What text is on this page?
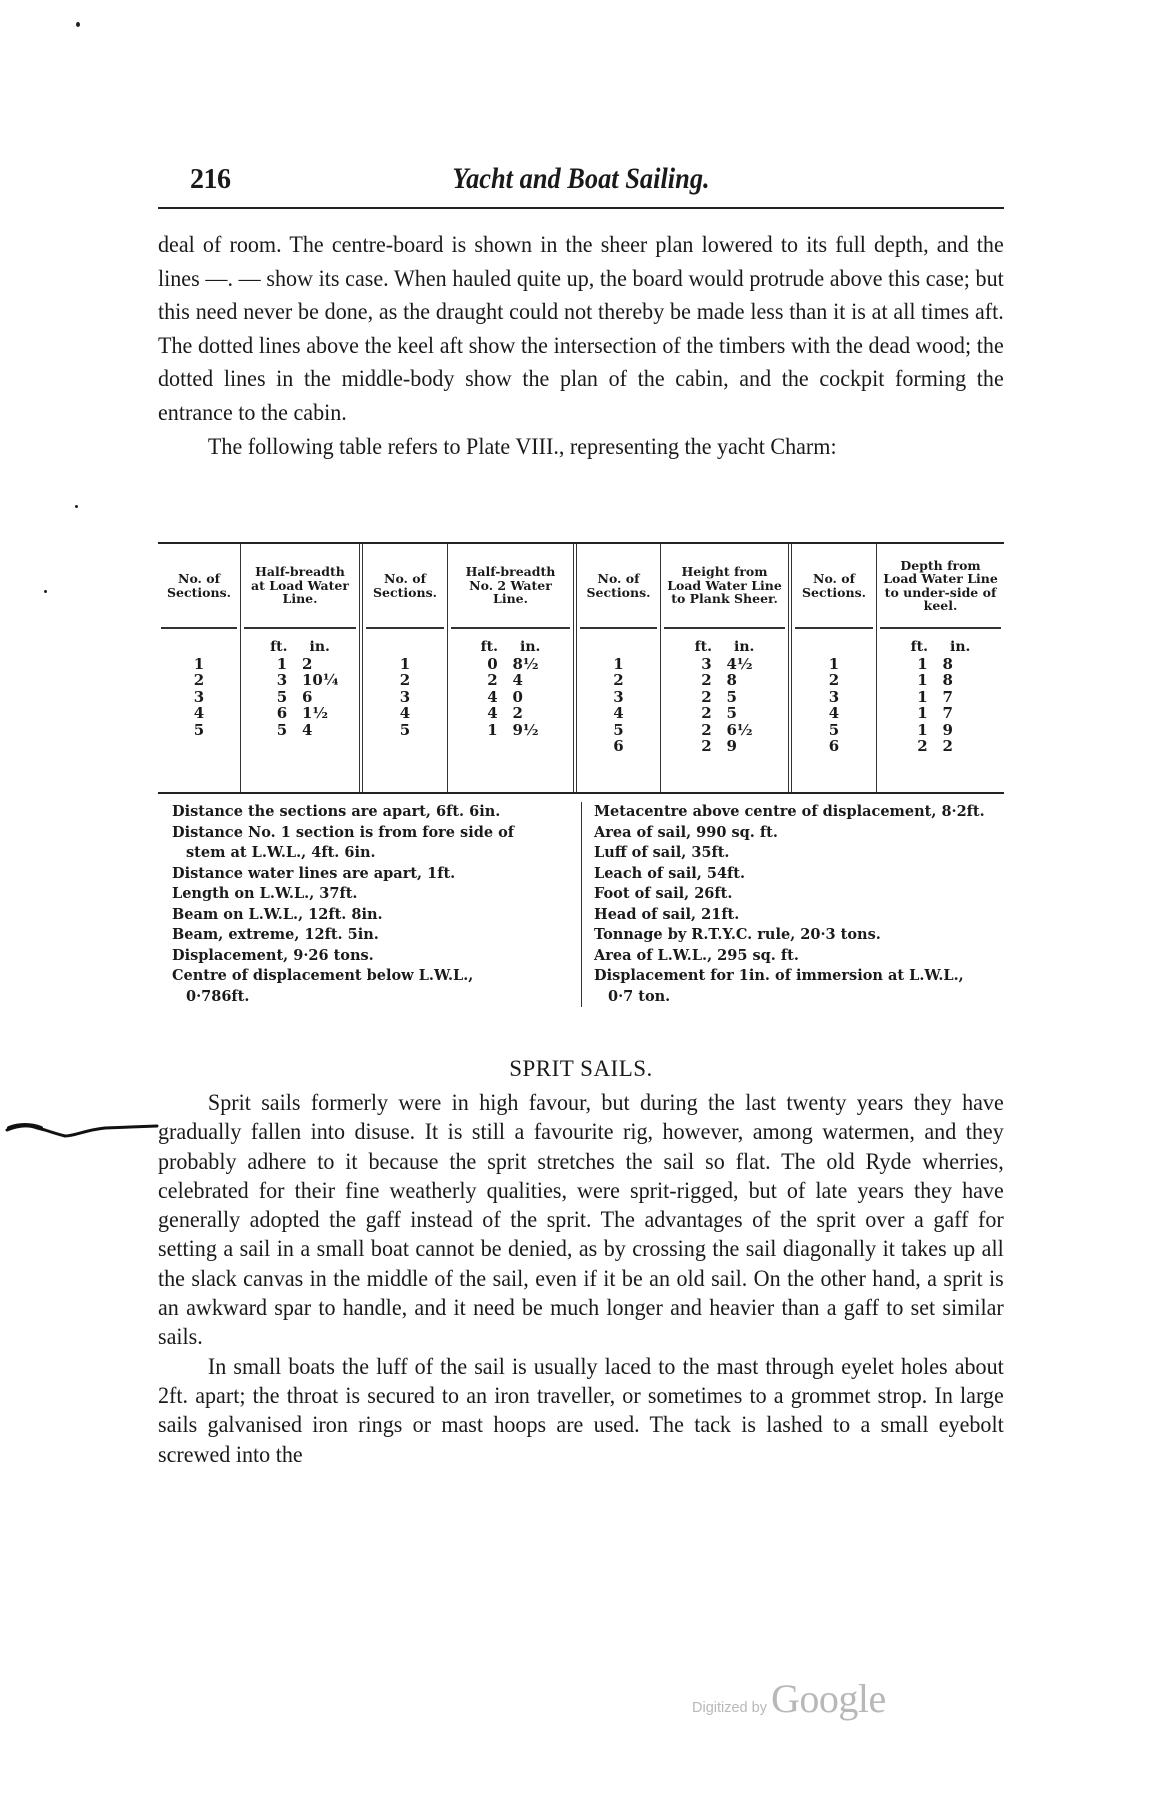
216	Yacht and Boat Sailing.

deal of room. The centre-board is shown in the sheer plan lowered to its full depth, and the lines —. — show its case. When hauled quite up, the board would protrude above this case; but this need never be done, as the draught could not thereby be made less than it is at all times aft. The dotted lines above the keel aft show the intersection of the timbers with the dead wood; the dotted lines in the middle-body show the plan of the cabin, and the cockpit forming the entrance to the cabin.

The following table refers to Plate VIII., representing the yacht Charm:

No. of Sections.
1
2
3
4
5
Half-breadth at Load Water Line.
ft. in.
1 2
3 10¼
5 6
6 1½
5 4
No. of Sections.
1
2
3
4
5
Half-breadth No. 2 Water Line.
ft. in.
0 8½
2 4
4 0
4 2
1 9½
No. of Sections.
1
2
3
4
5
6
Height from Load Water Line to Plank Sheer.
ft. in.
3 4½
2 8
2 5
2 5
2 6½
2 9
No. of Sections.
1
2
3
4
5
6
Depth from Load Water Line to under-side of keel.
ft. in.
1 8
1 8
1 7
1 7
1 9
2 2
Distance the sections are apart, 6ft. 6in.
Distance No. 1 section is from fore side of
stem at L.W.L., 4ft. 6in.
Distance water lines are apart, 1ft.
Length on L.W.L., 37ft.
Beam on L.W.L., 12ft. 8in.
Beam, extreme, 12ft. 5in.
Displacement, 9·26 tons.
Centre of displacement below L.W.L.,
0·786ft.
Metacentre above centre of displacement, 8·2ft.
Area of sail, 990 sq. ft.
Luff of sail, 35ft.
Leach of sail, 54ft.
Foot of sail, 26ft.
Head of sail, 21ft.
Tonnage by R.T.Y.C. rule, 20·3 tons.
Area of L.W.L., 295 sq. ft.
Displacement for 1in. of immersion at L.W.L.,
0·7 ton.
SPRIT SAILS.

Sprit sails formerly were in high favour, but during the last twenty years they have gradually fallen into disuse. It is still a favourite rig, however, among watermen, and they probably adhere to it because the sprit stretches the sail so flat. The old Ryde wherries, celebrated for their fine weatherly qualities, were sprit-rigged, but of late years they have generally adopted the gaff instead of the sprit. The advantages of the sprit over a gaff for setting a sail in a small boat cannot be denied, as by crossing the sail diagonally it takes up all the slack canvas in the middle of the sail, even if it be an old sail. On the other hand, a sprit is an awkward spar to handle, and it need be much longer and heavier than a gaff to set similar sails.

In small boats the luff of the sail is usually laced to the mast through eyelet holes about 2ft. apart; the throat is secured to an iron traveller, or sometimes to a grommet strop. In large sails galvanised iron rings or mast hoops are used. The tack is lashed to a small eyebolt screwed into the

Digitized by Google
